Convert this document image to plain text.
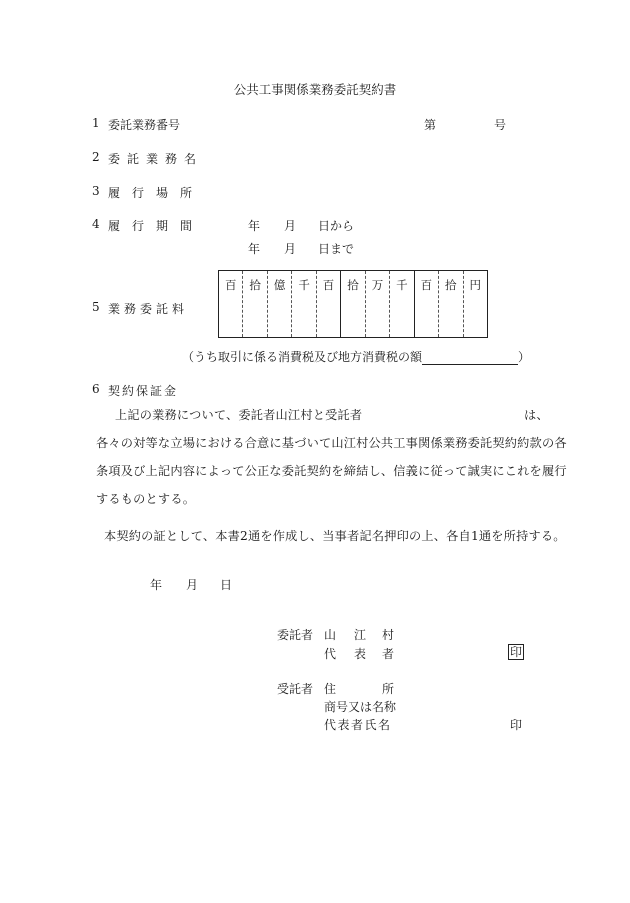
公共工事関係業務委託契約書
1 委託業務番号	第	号
2 委託業務名
3 履行場所
4 履行期間	年 月 日から
年 月 日まで
5 業務委託料
百	拾	億	千	百	拾	万	千	百	拾	円
（うち取引に係る消費税及び地方消費税の額	）
6 契約保証金
上記の業務について、委託者山江村と受託者	は、
各々の対等な立場における合意に基づいて山江村公共工事関係業務委託契約約款の各
条項及び上記内容によって公正な委託契約を締結し、信義に従って誠実にこれを履行
するものとする。
本契約の証として、本書2通を作成し、当事者記名押印の上、各自1通を所持する。
年 月 日
委託者 山 江 村
代 表 者	印
受託者 住	所
商号又は名称
代表者氏名	印
